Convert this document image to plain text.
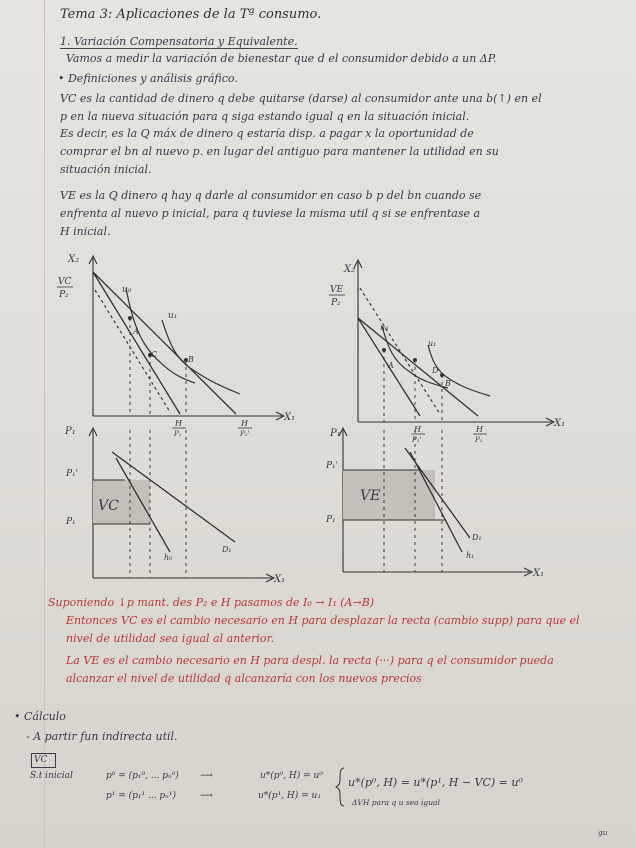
Tema 3: Aplicaciones de la Tª consumo.
1. Variación Compensatoria y Equivalente.
Vamos a medir la variación de bienestar que d el consumidor debido a un ΔP.
• Definiciones y análisis gráfico.
VC es la cantidad de dinero q debe quitarse (darse) al consumidor ante una b(↑) en el
p en la nueva situación para q siga estando igual q en la situación inicial.
Es decir, es la Q máx de dinero q estaría disp. a pagar x la oportunidad de
comprar el bn al nuevo p. en lugar del antiguo para mantener la utilidad en su
situación inicial.
VE es la Q dinero q hay q darle al consumidor en caso b p del bn cuando se
enfrenta al nuevo p inicial, para q tuviese la misma util q si se enfrentase a
H inicial.
X₂
X₁
VC
P₂	u₀
u₁
A
C
B
H
P₁
H
P₁'
P₁
X₁
P₁'
P₁
VC
h₀
D₁
X₂
X₁
VE
P₂
u₀
u₁
A
D
B
H
P₁'
H
P₁
P₁
X₁
P₁'
P₁
VE
D₁
h₁
Suponiendo ↓p mant. des P₂ e H pasamos de I₀ → I₁ (A→B)
Entonces VC es el cambio necesario en H para desplazar la recta (cambio supp) para que el
nivel de utilidad sea igual al anterior.
La VE es el cambio necesario en H para despl. la recta (···) para q el consumidor pueda
alcanzar el nivel de utilidad q alcanzaría con los nuevos precios
• Cálculo
- A partir fun indirecta util.
VC
S.t inicial	p⁰ = (p₁⁰, ... pₙ⁰) ⟶	u*(p⁰, H) = u⁰
p¹ = (p₁¹ ... pₙ¹)	⟶	u*(p¹, H) = u₁
u*(p⁰, H) = u*(p¹, H − VC) = u⁰
ΔVH para q u sea igual
gu
